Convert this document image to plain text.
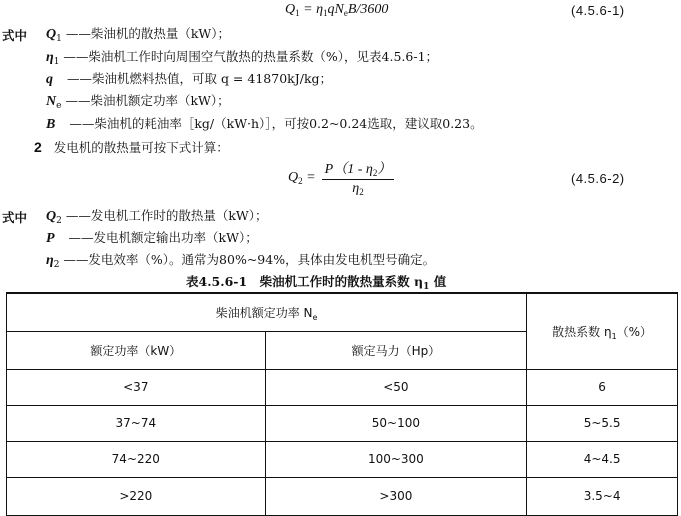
$Q_1 = \eta_1qN_eB/3600$	(4.5.6-1)
式中 $Q_1$ ——柴油机的散热量（kW）；
$\eta_1$ ——柴油机工作时向周围空气散热的热量系数（%），见表4.5.6-1；
q ——柴油机燃料热值，可取 q = 41870kJ/kg；
$N_e$ ——柴油机额定功率（kW）；
B ——柴油机的耗油率［kg/（kW·h）］，可按0.2~0.24选取，建议取0.23。
2 发电机的散热量可按下式计算：
$Q_2$ =
$P(1 - \eta_2)$
$\eta_2$
(4.5.6-2)
式中 $Q_2$ ——发电机工作时的散热量（kW）；
P ——发电机额定输出功率（kW）；
$\eta_2$ ——发电效率（%）。通常为80%~94%，具体由发电机型号确定。
表4.5.6-1　柴油机工作时的散热量系数 $\eta_1$ 值
柴油机额定功率 $N_e$		散热系数 $\eta_1(\%)$
额定功率（kW）	额定马力（Hp）	
<37	<50	6
37~74	50~100	5~5.5
74~220	100~300	4~4.5
>220	>300	3.5~4
